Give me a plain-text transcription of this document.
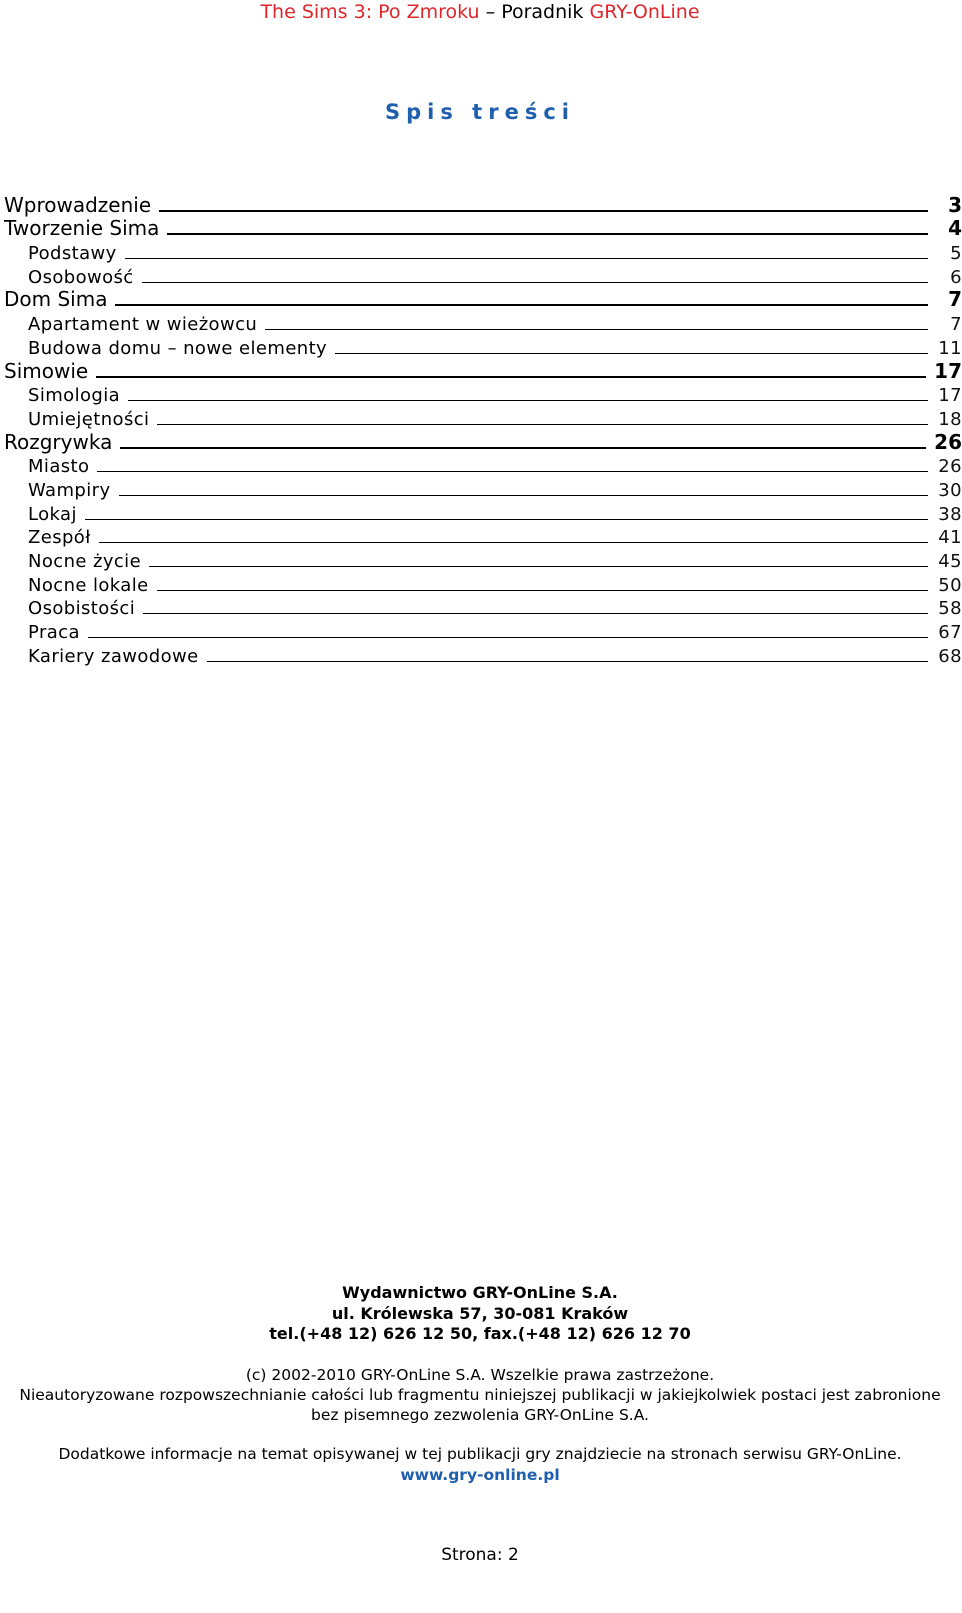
The Sims 3: Po Zmroku – Poradnik GRY-OnLine
Spis treści
Wprowadzenie	3
Tworzenie Sima	4
Podstawy	5
Osobowość	6
Dom Sima	7
Apartament w wieżowcu	7
Budowa domu – nowe elementy	11
Simowie	17
Simologia	17
Umiejętności	18
Rozgrywka	26
Miasto	26
Wampiry	30
Lokaj	38
Zespół	41
Nocne życie	45
Nocne lokale	50
Osobistości	58
Praca	67
Kariery zawodowe	68
Wydawnictwo GRY-OnLine S.A.
ul. Królewska 57, 30-081 Kraków
tel.(+48 12) 626 12 50, fax.(+48 12) 626 12 70
(c) 2002-2010 GRY-OnLine S.A. Wszelkie prawa zastrzeżone.
Nieautoryzowane rozpowszechnianie całości lub fragmentu niniejszej publikacji w jakiejkolwiek postaci jest zabronione bez pisemnego zezwolenia GRY-OnLine S.A.
Dodatkowe informacje na temat opisywanej w tej publikacji gry znajdziecie na stronach serwisu GRY-OnLine.
www.gry-online.pl
Strona: 2
